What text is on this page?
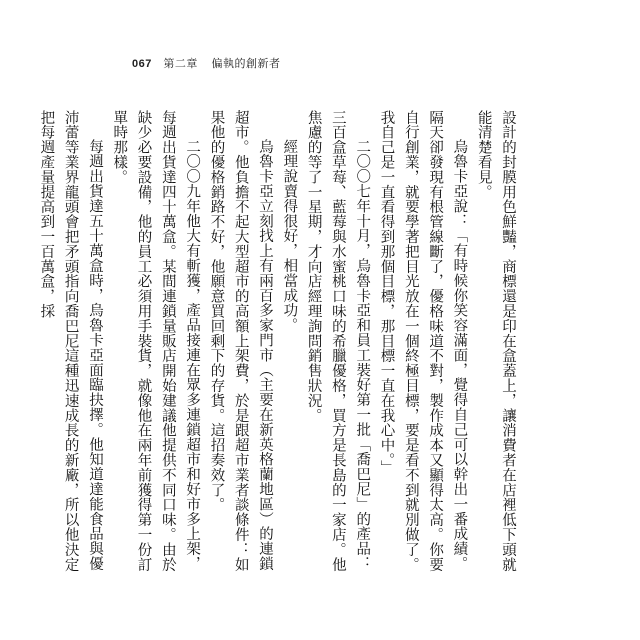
067 第二章 偏執的創新者

設計的封膜用色鮮豔，商標還是印在盒蓋上，讓消費者在店裡低下頭就能清楚看見。

烏魯卡亞說：「有時候你笑容滿面，覺得自己可以幹出一番成績。隔天卻發現有根管線斷了，優格味道不對，製作成本又顯得太高。你要自行創業，就要學著把目光放在一個終極目標，要是看不到就別做了。我自己是一直看得到那個目標，那目標一直在我心中。」

二〇〇七年十月，烏魯卡亞和員工裝好第一批「喬巴尼」的產品：三百盒草莓、藍莓與水蜜桃口味的希臘優格，買方是長島的一家店。他焦慮的等了一星期，才向店經理詢問銷售狀況。

經理說賣得很好，相當成功。

烏魯卡亞立刻找上有兩百多家門市（主要在新英格蘭地區）的連鎖超市。他負擔不起大型超市的高額上架費，於是跟超市業者談條件：如果他的優格銷路不好，他願意買回剩下的存貨。這招奏效了。

二〇〇九年他大有斬獲，產品接連在眾多連鎖超市和好市多上架，每週出貨達四十萬盒。某間連鎖量販店開始建議他提供不同口味。由於缺少必要設備，他的員工必須用手裝貨，就像他在兩年前獲得第一份訂單時那樣。

每週出貨達五十萬盒時，烏魯卡亞面臨抉擇。他知道達能食品與優沛蕾等業界龍頭會把矛頭指向喬巴尼這種迅速成長的新廠，所以他決定把每週產量提高到一百萬盒，採
